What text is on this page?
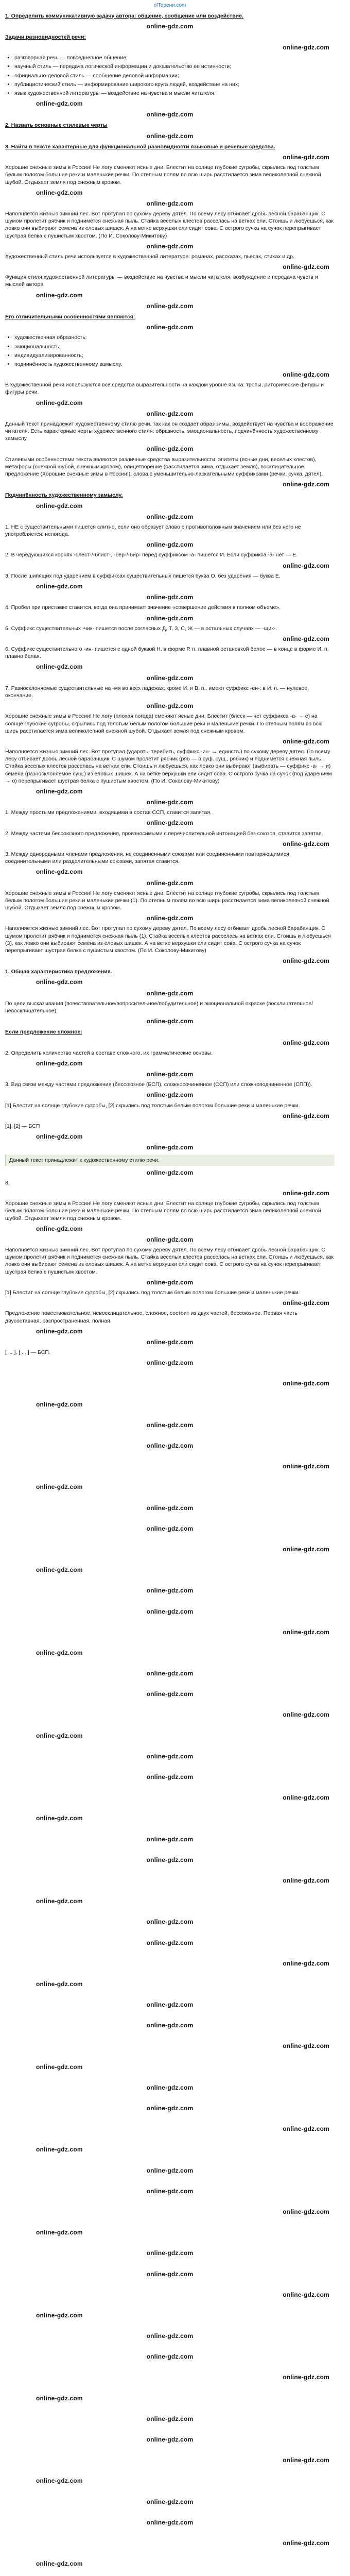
olТерени.com
1. Определить коммуникативную задачу автора: общение, сообщение или воздействие.
online-gdz.com
Задачи разновидностей речи:
online-gdz.com
• разговорная речь — повседневное общение;
• научный стиль — передача логической информации и доказательство ее истинности;
• официально-деловой стиль — сообщение деловой информации;
• публицистический стиль — информирование широкого круга людей, воздействие на них;
• язык художественной литературы — воздействие на чувства и мысли читателя.
online-gdz.com
online-gdz.com
2. Назвать основные стилевые черты
online-gdz.com
3. Найти в тексте характерные для функциональной разновидности языковые и речевые средства.
online-gdz.com

Хорошие снежные зимы в России! Не логу сменяют ясные дни. Блестит на солнце глубокие сугробы, скрылись под толстым белым пологом большие реки и маленькие речки. По степным полям во всю ширь расстилается зима великолепной снежной шубой. Отдыхает земля под снежным кровом.

online-gdz.com
online-gdz.com

Наполняется жизнью зимний лес. Вот протупал по сухому дереву дятел. По всему лесу отбивает дробь лесной барабанщик. С шумом пролетит рябчик и поднимется снежная пыль. Стайка веселых клестов расселась на ветках ели. Стоишь и любуешься, как ловко они выбирают семена из еловых шишек. А на ветке верхушки ели сидит сова. С острого сучка на сучок перепрыгивает шустрая белка с пушистым хвостом. (По И. Соколову-Микитову)

online-gdz.com

Художественный стиль речи используется в художественной литературе: романах, рассказах, пьесах, стихах и др.

online-gdz.com

Функция стиля художественной литературы — воздействие на чувства и мысли читателя, возбуждение и передача чувств и мыслей автора.

online-gdz.com
online-gdz.com
Его отличительными особенностями являются:
online-gdz.com
• художественная образность;
• эмоциональность;
• индивидуализированность;
• подчинённость художественному замыслу.
online-gdz.com

В художественной речи используются все средства выразительности на каждом уровне языка: тропы, риторические фигуры и фигуры речи.

online-gdz.com
online-gdz.com

Данный текст принадлежит художественному стилю речи, так как он создает образ зимы, воздействует на чувства и воображение читателя. Есть характерные черты художественного стиля: образность, эмоциональность, подчинённость художественному замыслу.

online-gdz.com

Стилевыми особенностями текста являются различные средства выразительности: эпитеты (ясные дни, веселых клестов), метафоры (снежной шубой, снежным кровом), олицетворение (расстилается зима, отдыхает земля), восклицательное предложение (Хорошие снежные зимы в России!), слова с уменьшительно-ласкательными суффиксами (речки, сучка, дятел).

online-gdz.com
Подчинённость художественному замыслу.
online-gdz.com
online-gdz.com

1. НЕ с существительными пишется слитно, если оно образует слово с противоположным значением или без него не употребляется: непогода.

online-gdz.com

2. В чередующихся корнях -блест-/-блист-, -бер-/-бир- перед суффиксом -а- пишется И. Если суффикса -а- нет — Е.

online-gdz.com

3. После шипящих под ударением в суффиксах существительных пишется буква О, без ударения — буква Е.

online-gdz.com
online-gdz.com

4. Пробел при приставке ставится, когда она принимает значение «совершение действия в полном объеме».

online-gdz.com

5. Суффикс существительных -чик- пишется после согласных Д, Т, З, С, Ж — в остальных случаях — -щик-.

online-gdz.com

6. Суффикс существительного -ин- пишется с одной буквой Н, в форме Р. п. плавной остановкой белое — в конце в форме И. п. плавно белая.

online-gdz.com
online-gdz.com

7. Разносклоняемые существительные на -мя во всех падежах, кроме И. и В. п., имеют суффикс -ен-; в И. п. — нулевое окончание.

online-gdz.com

Хорошие снежные зимы в России! Не логу (плохая погода) сменяют ясные дни. Блестит (блеск — нет суффикса -а- → е) на солнце глубокие сугробы, скрылись под толстым белым пологом большие реки и маленькие речки. По степным полям во всю ширь расстилается зима великолепной снежной шубой. Отдыхает земля под снежным кровом.

online-gdz.com

Наполняется жизнью зимний лес. Вот протупал (ударять, теребить, суффикс -ин- → единств.) по сухому дереву дятел. По всему лесу отбивает дробь лесной барабанщик. С шумом пролетит рябчик (ряб — в суф. сущ., рябчик) и поднимется снежная пыль. Стайка веселых клестов расселась на ветках ели. Стоишь и любуешься, как ловко они выбирают (выбирать — суффикс -а- → и) семена (разносклоняемое сущ.) из еловых шишек. А на ветке верхушки ели сидит сова. С острого сучка на сучок (под ударением → о) перепрыгивает шустрая белка с пушистым хвостом. (По И. Соколову-Микитову)

online-gdz.com
online-gdz.com

1. Между простыми предложениями, входящими в состав ССП, ставится запятая.

online-gdz.com

2. Между частями бессоюзного предложения, произносимыми с перечислительной интонацией без союзов, ставится запятая.

online-gdz.com

3. Между однородными членами предложения, не соединенными союзами или соединенными повторяющимися соединительными или разделительными союзами, запятая ставится.

online-gdz.com
online-gdz.com

Хорошие снежные зимы в России! Не логу сменяют ясные дни. Блестит на солнце глубокие сугробы, скрылись под толстым белым пологом большие реки и маленькие речки (1). По степным полям во всю ширь расстилается зима великолепной снежной шубой. Отдыхает земля под снежным кровом.

online-gdz.com

Наполняется жизнью зимний лес. Вот протупал по сухому дереву дятел. По всему лесу отбивает дробь лесной барабанщик. С шумом пролетит рябчик и поднимется снежная пыль (1). Стайка веселых клестов расселась на ветках ели. Стоишь и любуешься (3), как ловко они выбирают семена из еловых шишек. А на ветке верхушки ели сидит сова. С острого сучка на сучок перепрыгивает шустрая белка с пушистым хвостом. (По И. Соколову-Микитову)

online-gdz.com
1. Общая характеристика предложения.
online-gdz.com
online-gdz.com

По цели высказывания (повествовательное/вопросительное/побудительное) и эмоциональной окраске (восклицательное/невосклицательное).

online-gdz.com
Если предложение сложное:
online-gdz.com

2. Определить количество частей в составе сложного, их грамматические основы.

online-gdz.com
online-gdz.com

3. Вид связи между частями предложения (бессоюзное (БСП), сложносочиненное (ССП) или сложноподчиненное (СПП)).

online-gdz.com

[1] Блестит на солнце глубокие сугробы, [2] скрылись под толстым белым пологом большие реки и маленькие речки.

online-gdz.com

[1], [2] — БСП

online-gdz.com
online-gdz.com

Данный текст принадлежит к художественному стилю речи.

online-gdz.com

8.

online-gdz.com

Хорошие снежные зимы в России! Не логу сменяют ясные дни. Блестит на солнце глубокие сугробы, скрылись под толстым белым пологом большие реки и маленькие речки. По степным полям во всю ширь расстилается зима великолепной снежной шубой. Отдыхает земля под снежным кровом.

online-gdz.com
online-gdz.com

Наполняется жизнью зимний лес. Вот протупал по сухому дереву дятел. По всему лесу отбивает дробь лесной барабанщик. С шумом пролетит рябчик и поднимется снежная пыль. Стайка веселых клестов расселась на ветках ели. Стоишь и любуешься, как ловко они выбирают семена из еловых шишек. А на ветке верхушки ели сидит сова. С острого сучка на сучок перепрыгивает шустрая белка с пушистым хвостом.

online-gdz.com

[1] Блестит на солнце глубокие сугробы, [2] скрылись под толстым белым пологом большие реки и маленькие речки.

online-gdz.com

Предложение повествовательное, невосклицательное, сложное, состоит из двух частей, бессоюзное. Первая часть двусоставная, распространенная, полная.

online-gdz.com
online-gdz.com

[ ... ], [ ... ] — БСП.

online-gdz.com
online-gdz.com
online-gdz.com
online-gdz.com
online-gdz.com
online-gdz.com
online-gdz.com
online-gdz.com
online-gdz.com
online-gdz.com
online-gdz.com
online-gdz.com
online-gdz.com
online-gdz.com
online-gdz.com
online-gdz.com
online-gdz.com
online-gdz.com
online-gdz.com
online-gdz.com
online-gdz.com
online-gdz.com
online-gdz.com
online-gdz.com
online-gdz.com
online-gdz.com
online-gdz.com
online-gdz.com
online-gdz.com
online-gdz.com
online-gdz.com
online-gdz.com
online-gdz.com
online-gdz.com
online-gdz.com
online-gdz.com
online-gdz.com
online-gdz.com
online-gdz.com
online-gdz.com
online-gdz.com
online-gdz.com
online-gdz.com
online-gdz.com
online-gdz.com
online-gdz.com
online-gdz.com
online-gdz.com
online-gdz.com
online-gdz.com
online-gdz.com
online-gdz.com
online-gdz.com
online-gdz.com
online-gdz.com
online-gdz.com
online-gdz.com
online-gdz.com
online-gdz.com
